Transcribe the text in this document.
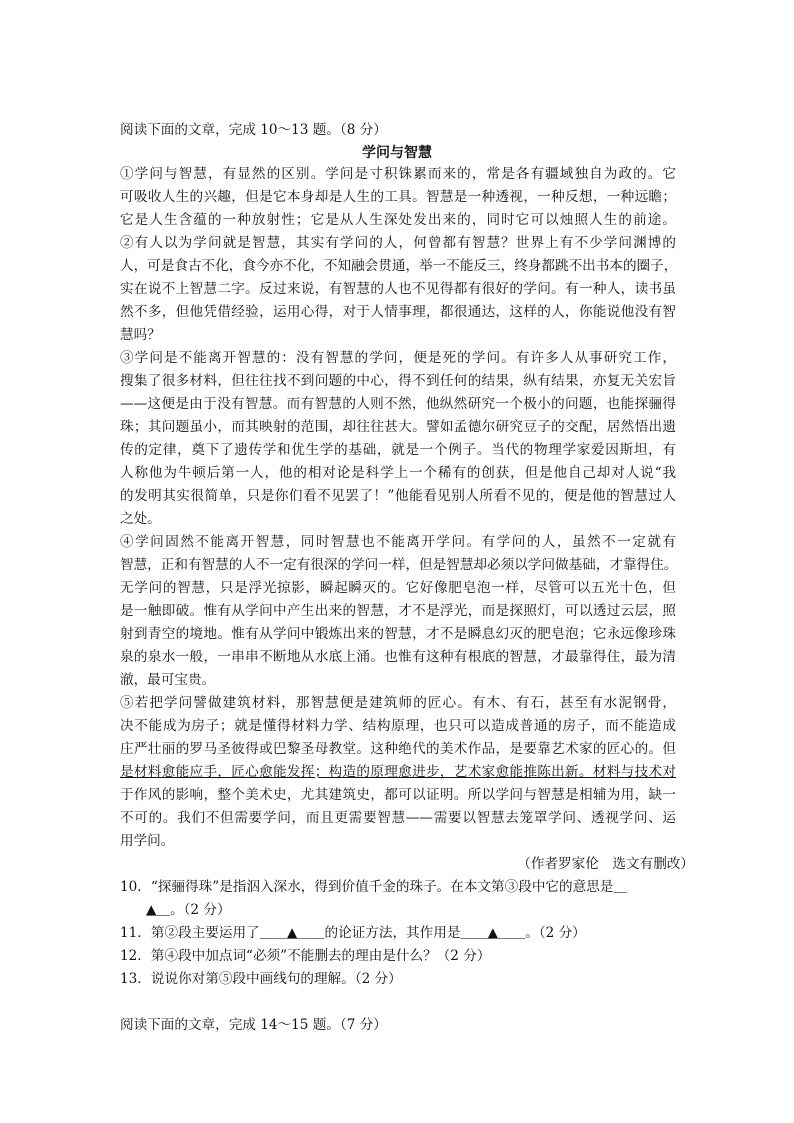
阅读下面的文章，完成 10～13 题。（8 分）
学问与智慧
①学问与智慧，有显然的区别。学问是寸积铢累而来的，常是各有疆域独自为政的。它
可吸收人生的兴趣，但是它本身却是人生的工具。智慧是一种透视，一种反想，一种远瞻；
它是人生含蕴的一种放射性；它是从人生深处发出来的，同时它可以烛照人生的前途。
②有人以为学问就是智慧，其实有学问的人，何曾都有智慧？世界上有不少学问渊博的
人，可是食古不化，食今亦不化，不知融会贯通，举一不能反三，终身都跳不出书本的圈子，
实在说不上智慧二字。反过来说，有智慧的人也不见得都有很好的学问。有一种人，读书虽
然不多，但他凭借经验，运用心得，对于人情事理，都很通达，这样的人，你能说他没有智
慧吗？
③学问是不能离开智慧的：没有智慧的学问，便是死的学问。有许多人从事研究工作，
搜集了很多材料，但往往找不到问题的中心，得不到任何的结果，纵有结果，亦复无关宏旨
——这便是由于没有智慧。而有智慧的人则不然，他纵然研究一个极小的问题，也能探骊得
珠；其问题虽小，而其映射的范围，却往往甚大。譬如孟德尔研究豆子的交配，居然悟出遗
传的定律，奠下了遗传学和优生学的基础，就是一个例子。当代的物理学家爱因斯坦，有
人称他为牛顿后第一人，他的相对论是科学上一个稀有的创获，但是他自己却对人说“我
的发明其实很简单，只是你们看不见罢了！”他能看见别人所看不见的，便是他的智慧过人
之处。
④学问固然不能离开智慧，同时智慧也不能离开学问。有学问的人，虽然不一定就有
智慧，正和有智慧的人不一定有很深的学问一样，但是智慧却必须以学问做基础，才靠得住。
无学问的智慧，只是浮光掠影，瞬起瞬灭的。它好像肥皂泡一样，尽管可以五光十色，但
是一触即破。惟有从学问中产生出来的智慧，才不是浮光，而是探照灯，可以透过云层，照
射到青空的境地。惟有从学问中锻炼出来的智慧，才不是瞬息幻灭的肥皂泡；它永远像珍珠
泉的泉水一般，一串串不断地从水底上涌。也惟有这种有根底的智慧，才最靠得住，最为清
澈，最可宝贵。
⑤若把学问譬做建筑材料，那智慧便是建筑师的匠心。有木、有石，甚至有水泥钢骨，
决不能成为房子；就是懂得材料力学、结构原理，也只可以造成普通的房子，而不能造成
庄严壮丽的罗马圣彼得或巴黎圣母教堂。这种绝代的美术作品，是要靠艺术家的匠心的。但
是材料愈能应手，匠心愈能发挥；构造的原理愈进步，艺术家愈能推陈出新。材料与技术对
于作风的影响，整个美术史，尤其建筑史，都可以证明。所以学问与智慧是相辅为用，缺一
不可的。我们不但需要学问，而且更需要智慧——需要以智慧去笼罩学问、透视学问、运
用学问。
（作者罗家伦　选文有删改）
10．“探骊得珠”是指泅入深水，得到价值千金的珠子。在本文第③段中它的意思是＿
▲＿。（2 分）
11．第②段主要运用了＿＿▲＿＿的论证方法，其作用是＿＿▲＿＿。（2 分）
12．第④段中加点词“必须”不能删去的理由是什么？（2 分）
13．说说你对第⑤段中画线句的理解。（2 分）
阅读下面的文章，完成 14～15 题。（7 分）
